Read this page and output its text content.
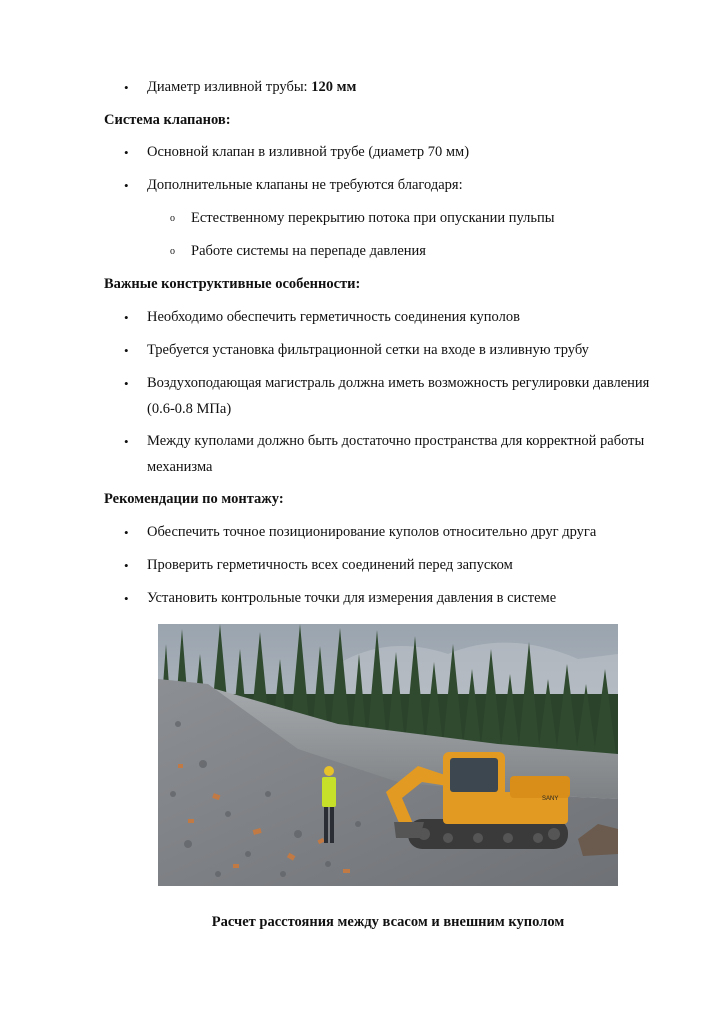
• Диаметр изливной трубы: 120 мм
Система клапанов:
• Основной клапан в изливной трубе (диаметр 70 мм)
• Дополнительные клапаны не требуются благодаря:
o Естественному перекрытию потока при опускании пульпы
o Работе системы на перепаде давления
Важные конструктивные особенности:
• Необходимо обеспечить герметичность соединения куполов
• Требуется установка фильтрационной сетки на входе в изливную трубу
• Воздухоподающая магистраль должна иметь возможность регулировки давления
(0.6-0.8 МПа)
• Между куполами должно быть достаточно пространства для корректной работы
механизма
Рекомендации по монтажу:
• Обеспечить точное позиционирование куполов относительно друг друга
• Проверить герметичность всех соединений перед запуском
• Установить контрольные точки для измерения давления в системе
SANY
Расчет расстояния между всасом и внешним куполом
